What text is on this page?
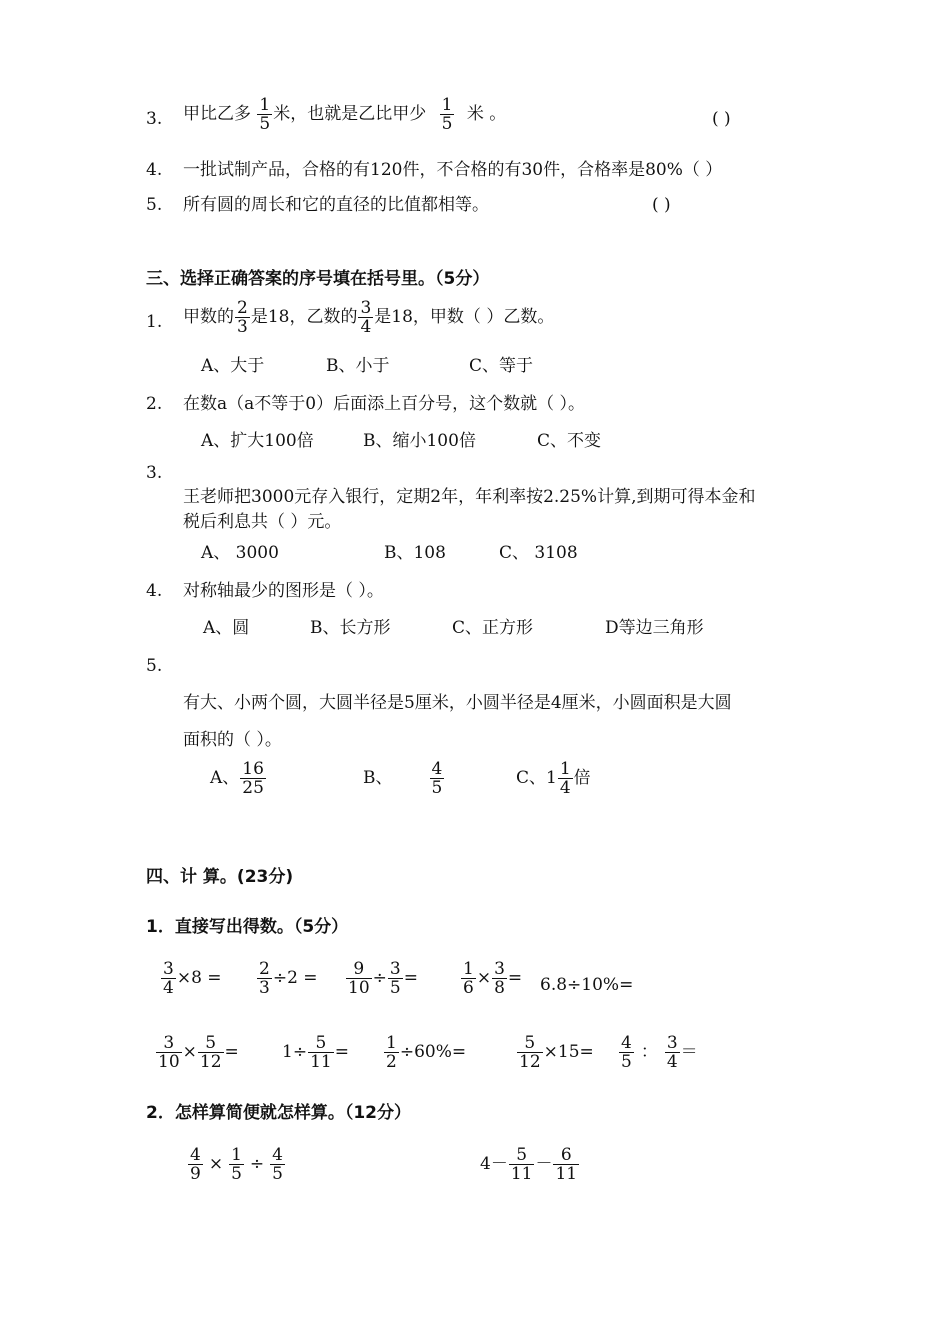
3. 甲比乙多 $\frac{1}{5}$ 米，也就是乙比甲少 $\frac{1}{5}$ 米 。	( )
4. 一批试制产品，合格的有120件，不合格的有30件，合格率是80%（ ）
5. 所有圆的周长和它的直径的比值都相等。	( )
三、选择正确答案的序号填在括号里。（5分）
1. 甲数的 $\frac{2}{3}$ 是18，乙数的 $\frac{3}{4}$ 是18，甲数（ ）乙数。
A、大于	B、小于	C、等于
2. 在数a（a不等于0）后面添上百分号，这个数就（ ）。
A、扩大100倍	B、缩小100倍	C、不变
3.
王老师把3000元存入银行，定期2年，年利率按2.25%计算,到期可得本金和
税后利息共（ ）元。
A、 3000	B、108	C、 3108
4. 对称轴最少的图形是（ ）。
A、圆	B、长方形	C、正方形	D等边三角形
5.
有大、小两个圆，大圆半径是5厘米，小圆半径是4厘米，小圆面积是大圆
面积的（ ）。
A、 $\frac{16}{25}$	B、 $\frac{4}{5}$	C、$1 \frac{1}{4}$ 倍
四、计 算。(23分)
1．直接写出得数。（5分）
$\frac{3}{4} \times 8 = \frac{2}{3} \div 2 = \frac{9}{10} \div \frac{3}{5}$ =	$\frac{1}{6} \times \frac{3}{8} = 6.8\div 10\%=$
$\frac{3}{10} \times \frac{5}{12}$ =	$1\div \frac{5}{11} = \frac{1}{2} \div 60\%=$	$\frac{5}{12} \times 15= \frac{4}{5}$ ： $\frac{3}{4}$ ＝
2．怎样算简便就怎样算。（12分）
$\frac{4}{9} \times \frac{1}{5} \div \frac{4}{5}$	$4- \frac{5}{11} - \frac{6}{11}$
